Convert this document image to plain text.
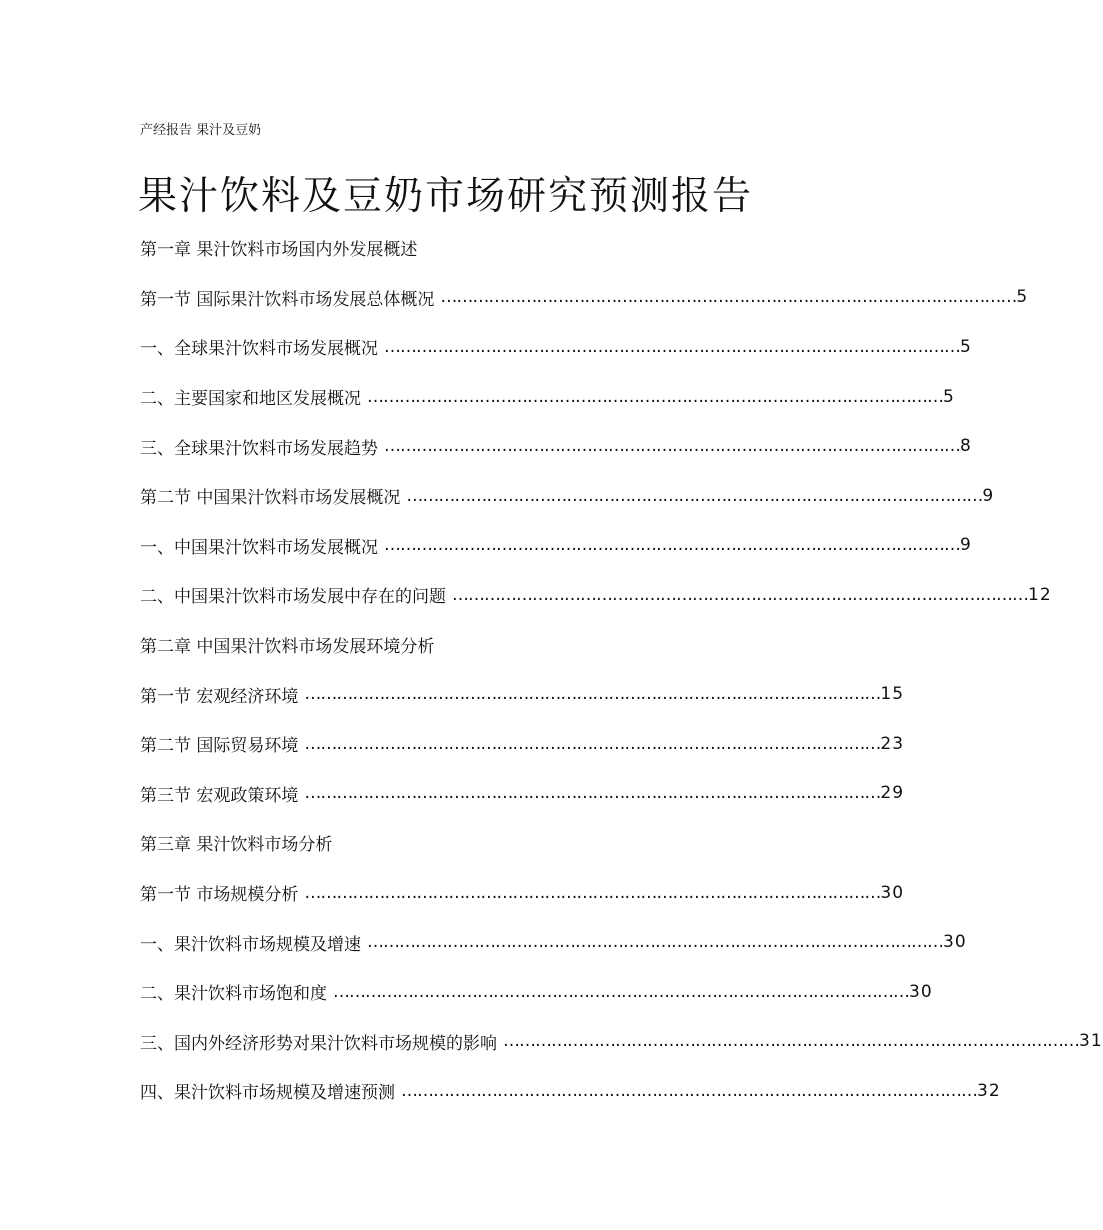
产经报告 果汁及豆奶
果汁饮料及豆奶市场研究预测报告
第一章 果汁饮料市场国内外发展概述
第一节 国际果汁饮料市场发展总体概况 ……………………………………………………………………………………………… 5
一、全球果汁饮料市场发展概况 ……………………………………………………………………………………………… 5
二、主要国家和地区发展概况 ……………………………………………………………………………………………… 5
三、全球果汁饮料市场发展趋势 ……………………………………………………………………………………………… 8
第二节 中国果汁饮料市场发展概况 ……………………………………………………………………………………………… 9
一、中国果汁饮料市场发展概况 ……………………………………………………………………………………………… 9
二、中国果汁饮料市场发展中存在的问题 ……………………………………………………………………………………………… 12
第二章 中国果汁饮料市场发展环境分析
第一节 宏观经济环境 ……………………………………………………………………………………………… 15
第二节 国际贸易环境 ……………………………………………………………………………………………… 23
第三节 宏观政策环境 ……………………………………………………………………………………………… 29
第三章 果汁饮料市场分析
第一节 市场规模分析 ……………………………………………………………………………………………… 30
一、果汁饮料市场规模及增速 ……………………………………………………………………………………………… 30
二、果汁饮料市场饱和度 ……………………………………………………………………………………………… 30
三、国内外经济形势对果汁饮料市场规模的影响 ……………………………………………………………………………………………… 31
四、果汁饮料市场规模及增速预测 ……………………………………………………………………………………………… 32
